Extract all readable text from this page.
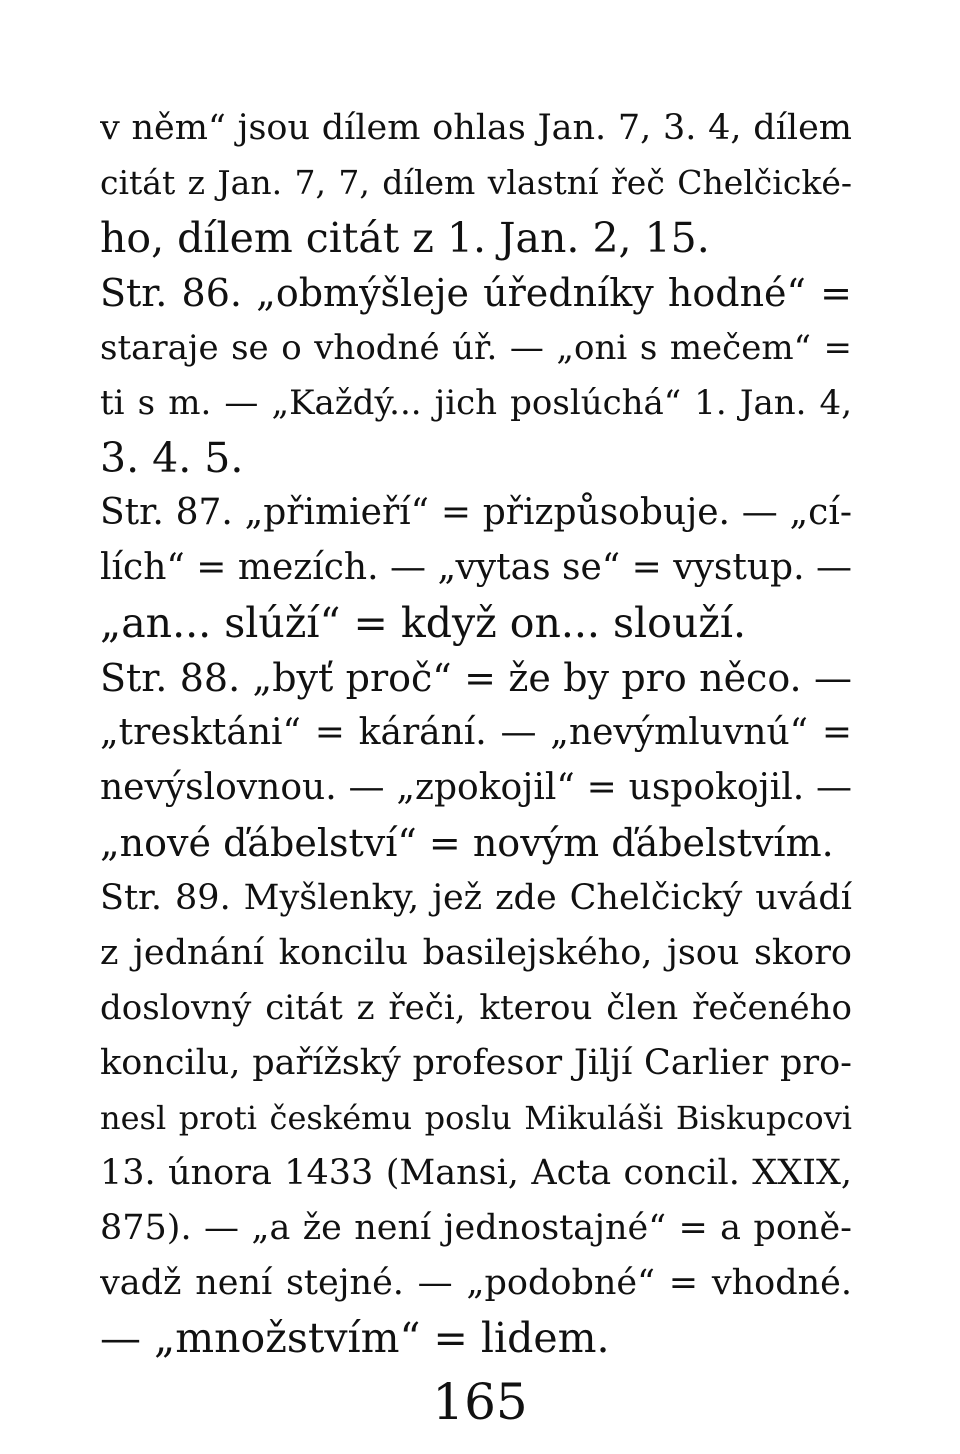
v něm“ jsou dílem ohlas Jan. 7, 3. 4, dílem
citát z Jan. 7, 7, dílem vlastní řeč Chelčické-
ho, dílem citát z 1. Jan. 2, 15.
Str. 86. „obmýšleje úředníky hodné“ =
staraje se o vhodné úř. — „oni s mečem“ =
ti s m. — „Každý... jich poslúchá“ 1. Jan. 4,
3. 4. 5.
Str. 87. „přimieří“ = přizpůsobuje. — „cí-
lích“ = mezích. — „vytas se“ = vystup. —
„an... slúží“ = když on... slouží.
Str. 88. „byť proč“ = že by pro něco. —
„tresktáni“ = kárání. — „nevýmluvnú“ =
nevýslovnou. — „zpokojil“ = uspokojil. —
„nové ďábelství“ = novým ďábelstvím.
Str. 89. Myšlenky, jež zde Chelčický uvádí
z jednání koncilu basilejského, jsou skoro
doslovný citát z řeči, kterou člen řečeného
koncilu, pařížský profesor Jiljí Carlier pro-
nesl proti českému poslu Mikuláši Biskupcovi
13. února 1433 (Mansi, Acta concil. XXIX,
875). — „a že není jednostajné“ = a poně-
vadž není stejné. — „podobné“ = vhodné.
— „množstvím“ = lidem.
165
